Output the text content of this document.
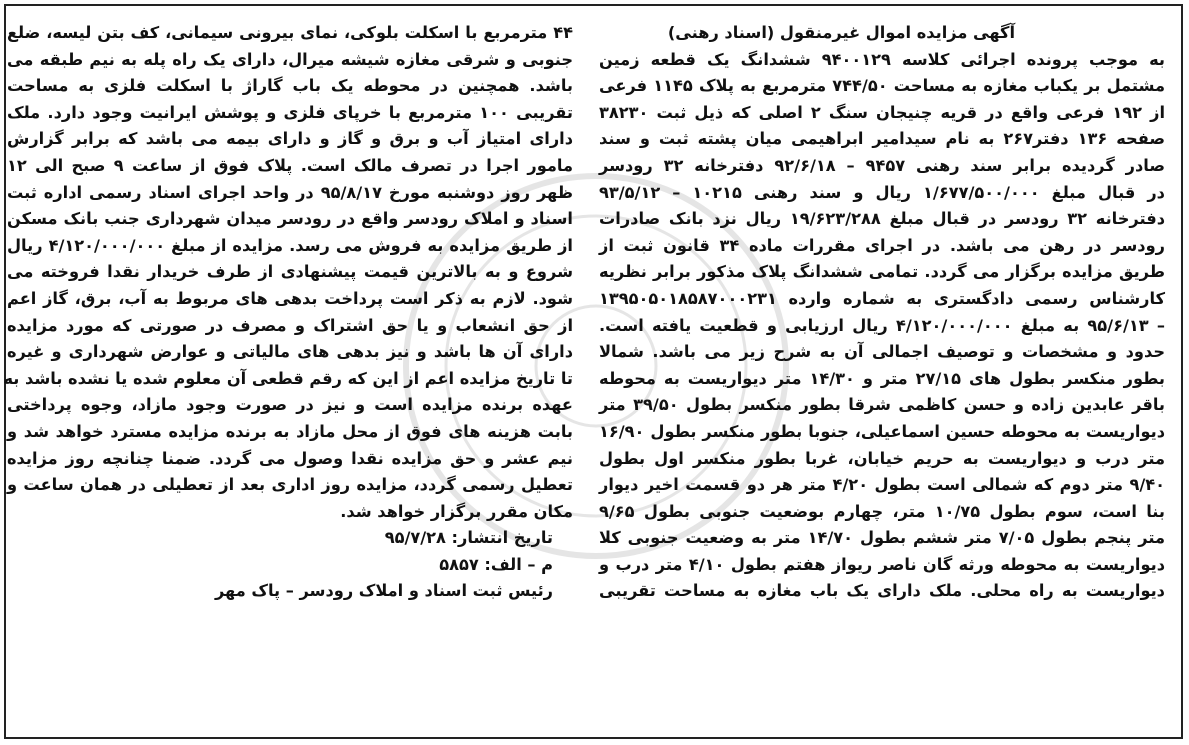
آگهی مزایده اموال غیرمنقول (اسناد رهنی)
به موجب پرونده اجرائی کلاسه ۹۴۰۰۱۲۹ ششدانگ یک قطعه زمین
مشتمل بر یکباب مغازه به مساحت ۷۴۴/۵۰ مترمربع به پلاک ۱۱۴۵ فرعی
از ۱۹۲ فرعی واقع در قریه چنیجان سنگ ۲ اصلی که ذیل ثبت ۳۸۲۳۰
صفحه ۱۳۶ دفتر۲۶۷ به نام سیدامیر ابراهیمی میان پشته ثبت و سند
صادر گردیده برابر سند رهنی ۹۴۵۷ – ۹۲/۶/۱۸ دفترخانه ۳۲ رودسر
در قبال مبلغ ۱/۶۷۷/۵۰۰/۰۰۰ ریال و سند رهنی ۱۰۲۱۵ – ۹۳/۵/۱۲
دفترخانه ۳۲ رودسر در قبال مبلغ ۱۹/۶۲۳/۲۸۸ ریال نزد بانک صادرات
رودسر در رهن می باشد. در اجرای مقررات ماده ۳۴ قانون ثبت از
طریق مزایده برگزار می گردد. تمامی ششدانگ پلاک مذکور برابر نظریه
کارشناس رسمی دادگستری به شماره وارده ۱۳۹۵۰۵۰۱۸۵۸۷۰۰۰۲۳۱
– ۹۵/۶/۱۳ به مبلغ ۴/۱۲۰/۰۰۰/۰۰۰ ریال ارزیابی و قطعیت یافته است.
حدود و مشخصات و توصیف اجمالی آن به شرح زیر می باشد. شمالا
بطور منکسر بطول های ۲۷/۱۵ متر و ۱۴/۳۰ متر دیواریست به محوطه
باقر عابدین زاده و حسن کاظمی شرقا بطور منکسر بطول ۳۹/۵۰ متر
دیواریست به محوطه حسین اسماعیلی، جنوبا بطور منکسر بطول ۱۶/۹۰
متر درب و دیواریست به حریم خیابان، غربا بطور منکسر اول بطول
۹/۴۰ متر دوم که شمالی است بطول ۴/۲۰ متر هر دو قسمت اخیر دیوار
بنا است، سوم بطول ۱۰/۷۵ متر، چهارم بوضعیت جنوبی بطول ۹/۶۵
متر پنجم بطول ۷/۰۵ متر ششم بطول ۱۴/۷۰ متر به وضعیت جنوبی کلا
دیواریست به محوطه ورثه گان ناصر ریواز هفتم بطول ۴/۱۰ متر درب و
دیواریست به راه محلی. ملک دارای یک باب مغازه به مساحت تقریبی
۴۴ مترمربع با اسکلت بلوکی، نمای بیرونی سیمانی، کف بتن لیسه، ضلع
جنوبی و شرقی مغازه شیشه میرال، دارای یک راه پله به نیم طبقه می
باشد. همچنین در محوطه یک باب گاراژ با اسکلت فلزی به مساحت
تقریبی ۱۰۰ مترمربع با خرپای فلزی و پوشش ایرانیت وجود دارد. ملک
دارای امتیاز آب و برق و گاز و دارای بیمه می باشد که برابر گزارش
مامور اجرا در تصرف مالک است. پلاک فوق از ساعت ۹ صبح الی ۱۲
ظهر روز دوشنبه مورخ ۹۵/۸/۱۷ در واحد اجرای اسناد رسمی اداره ثبت
اسناد و املاک رودسر واقع در رودسر میدان شهرداری جنب بانک مسکن
از طریق مزایده به فروش می رسد. مزایده از مبلغ ۴/۱۲۰/۰۰۰/۰۰۰ ریال
شروع و به بالاترین قیمت پیشنهادی از طرف خریدار نقدا فروخته می
شود. لازم به ذکر است پرداخت بدهی های مربوط به آب، برق، گاز اعم
از حق انشعاب و یا حق اشتراک و مصرف در صورتی که مورد مزایده
دارای آن ها باشد و نیز بدهی های مالیاتی و عوارض شهرداری و غیره
تا تاریخ مزایده اعم از این که رقم قطعی آن معلوم شده یا نشده باشد به
عهده برنده مزایده است و نیز در صورت وجود مازاد، وجوه پرداختی
بابت هزینه های فوق از محل مازاد به برنده مزایده مسترد خواهد شد و
نیم عشر و حق مزایده نقدا وصول می گردد. ضمنا چنانچه روز مزایده
تعطیل رسمی گردد، مزایده روز اداری بعد از تعطیلی در همان ساعت و
مکان مقرر برگزار خواهد شد.
تاریخ انتشار: ۹۵/۷/۲۸
م – الف: ۵۸۵۷
رئیس ثبت اسناد و املاک رودسر – پاک مهر
